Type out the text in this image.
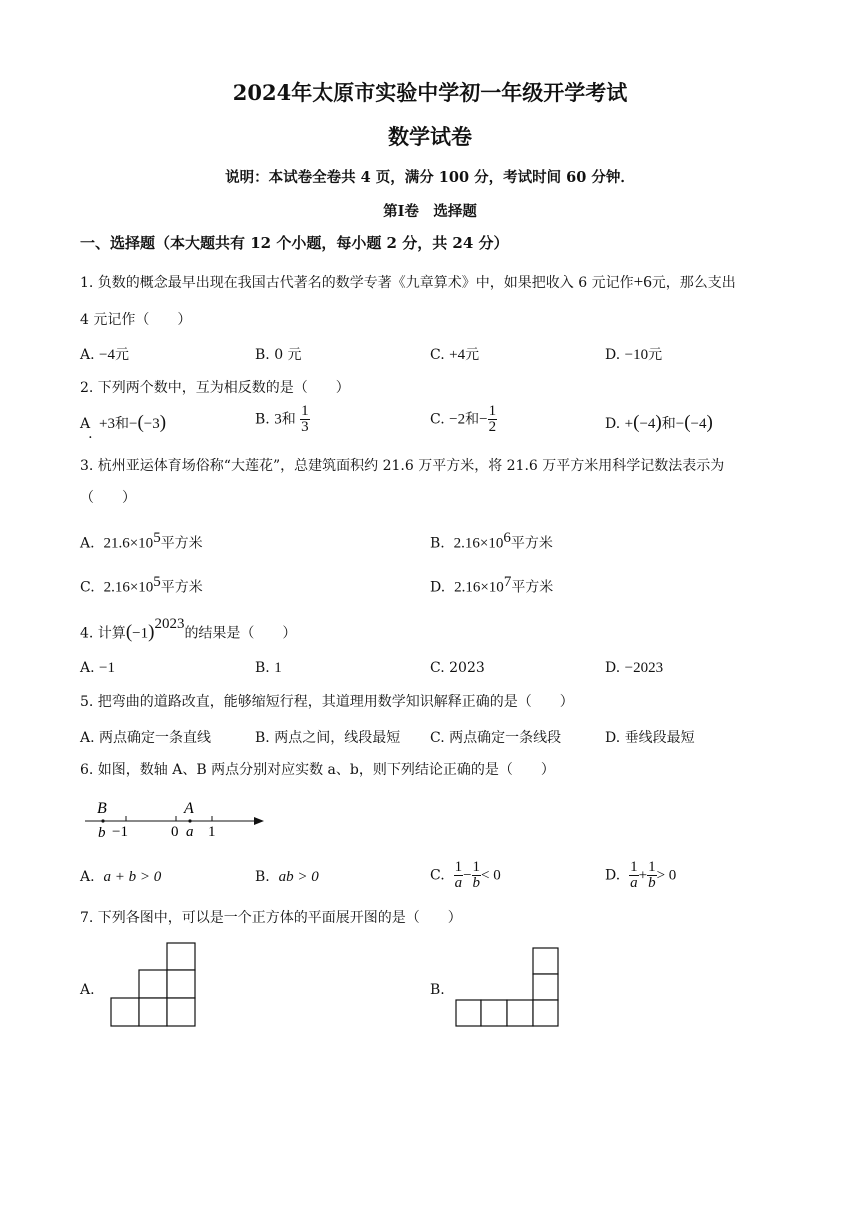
2024年太原市实验中学初一年级开学考试
数学试卷
说明：本试卷全卷共 4 页，满分 100 分，考试时间 60 分钟．
第Ⅰ卷　选择题
一、选择题（本大题共有 12 个小题，每小题 2 分，共 24 分）
1. 负数的概念最早出现在我国古代著名的数学专著《九章算术》中，如果把收入 6 元记作+6元，那么支出
4 元记作（　　）
A. −4元	B. 0 元	C. +4元	D. −10元
2. 下列两个数中，互为相反数的是（　　）
A. +3和−(−3)	B. 3和 $\frac{1}{3}$	C. −2和− $\frac{1}{2}$	D. +(−4)和−(−4)
3. 杭州亚运体育场俗称“大莲花”，总建筑面积约 21.6 万平方米，将 21.6 万平方米用科学记数法表示为
（　　）
A. $21.6\times 10^5$平方米	B. $2.16\times 10^6$平方米
C. $2.16\times 10^5$平方米	D. $2.16\times 10^7$平方米
4. 计算$(-1)^{2023}$的结果是（　　）
A. −1	B. 1	C. 2023	D. −2023
5. 把弯曲的道路改直，能够缩短行程，其道理用数学知识解释正确的是（　　）
A. 两点确定一条直线	B. 两点之间，线段最短 C. 两点确定一条线段	D. 垂线段最短
6. 如图，数轴 A、B 两点分别对应实数 a、b，则下列结论正确的是（　　）
B
b
A
a
−1	0 1
A. a + b > 0	B. ab > 0	C. $\frac{1}{a} - \frac{1}{b} < 0$	D. $\frac{1}{a} + \frac{1}{b} > 0$
7. 下列各图中，可以是一个正方体的平面展开图的是（　　）
A.	B.
